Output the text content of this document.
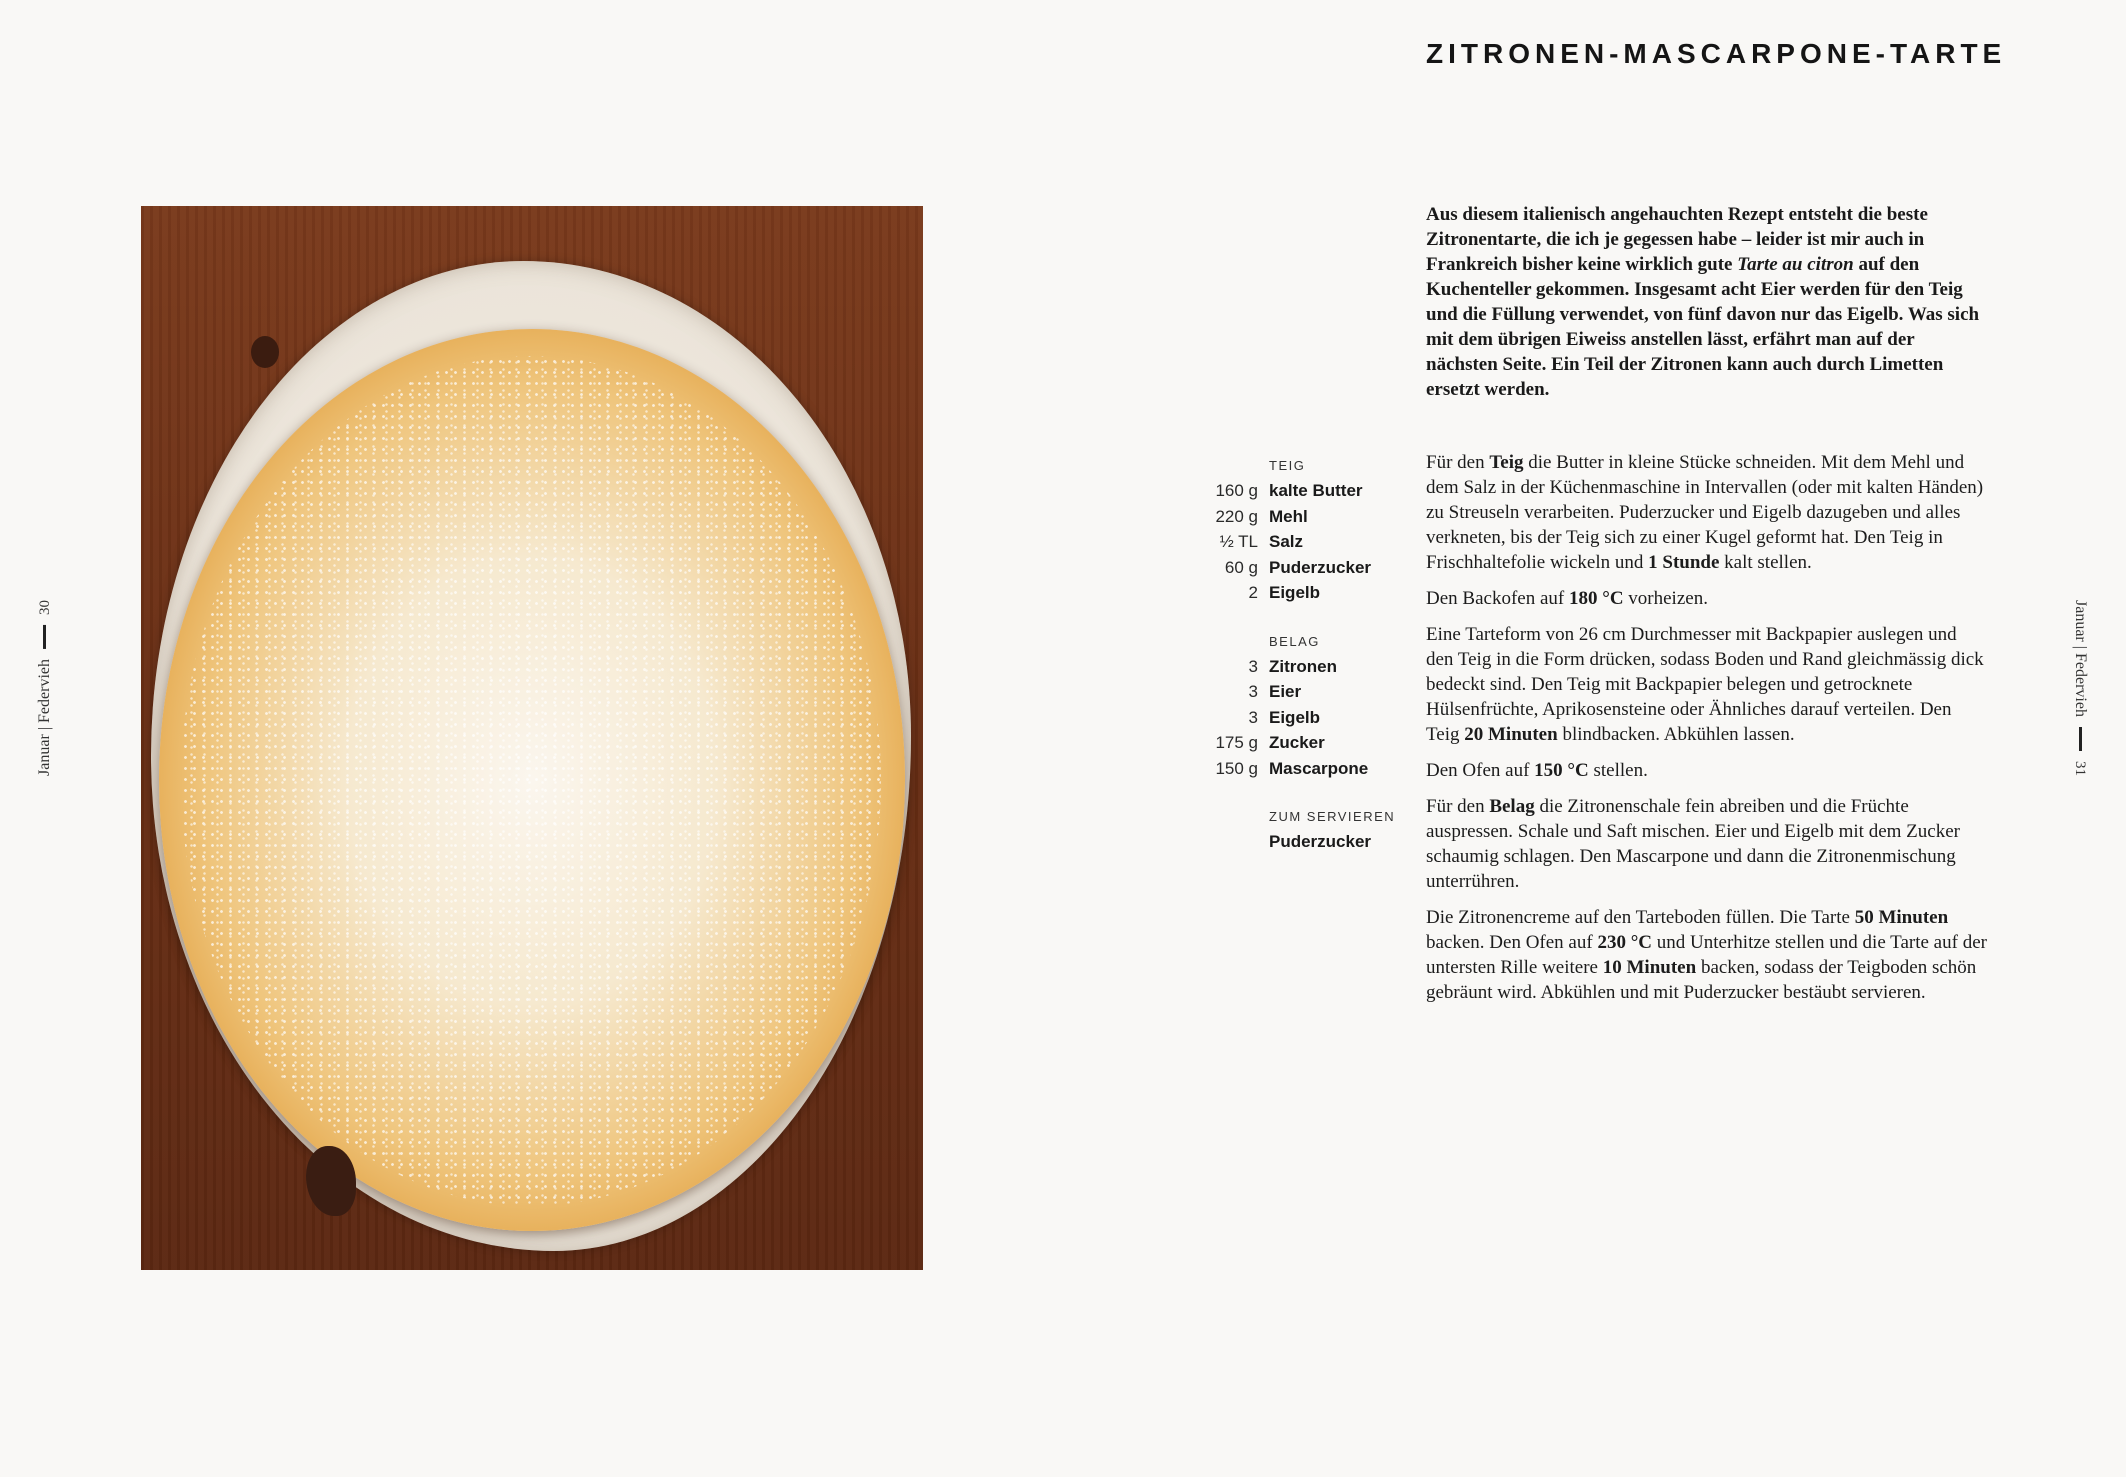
Januar | Federvieh  30	Januar | Federvieh  31
ZITRONEN-MASCARPONE-TARTE

Aus diesem italienisch angehauchten Rezept entsteht die beste Zitronentarte, die ich je gegessen habe – leider ist mir auch in Frankreich bisher keine wirklich gute Tarte au citron auf den Kuchenteller gekommen. Insgesamt acht Eier werden für den Teig und die Füllung verwendet, von fünf davon nur das Eigelb. Was sich mit dem übrigen Eiweiss anstellen lässt, erfährt man auf der nächsten Seite. Ein Teil der Zitronen kann auch durch Limetten ersetzt werden.

TEIG
160 g kalte Butter
220 g Mehl
½ TL Salz
60 g Puderzucker
2 Eigelb
BELAG
3 Zitronen
3 Eier
3 Eigelb
175 g Zucker
150 g Mascarpone
ZUM SERVIEREN
Puderzucker

Für den Teig die Butter in kleine Stücke schneiden. Mit dem Mehl und dem Salz in der Küchenmaschine in Intervallen (oder mit kalten Händen) zu Streuseln verarbeiten. Puderzucker und Eigelb dazugeben und alles verkneten, bis der Teig sich zu einer Kugel geformt hat. Den Teig in Frischhaltefolie wickeln und 1 Stunde kalt stellen.

Den Backofen auf 180 °C vorheizen.

Eine Tarteform von 26 cm Durchmesser mit Backpapier auslegen und den Teig in die Form drücken, sodass Boden und Rand gleichmässig dick bedeckt sind. Den Teig mit Backpapier belegen und getrocknete Hülsenfrüchte, Aprikosensteine oder Ähnliches darauf verteilen. Den Teig 20 Minuten blindbacken. Abkühlen lassen.

Den Ofen auf 150 °C stellen.

Für den Belag die Zitronenschale fein abreiben und die Früchte auspressen. Schale und Saft mischen. Eier und Eigelb mit dem Zucker schaumig schlagen. Den Mascarpone und dann die Zitronenmischung unterrühren.

Die Zitronencreme auf den Tarteboden füllen. Die Tarte 50 Minuten backen. Den Ofen auf 230 °C und Unterhitze stellen und die Tarte auf der untersten Rille weitere 10 Minuten backen, sodass der Teigboden schön gebräunt wird. Abkühlen und mit Puderzucker bestäubt servieren.
